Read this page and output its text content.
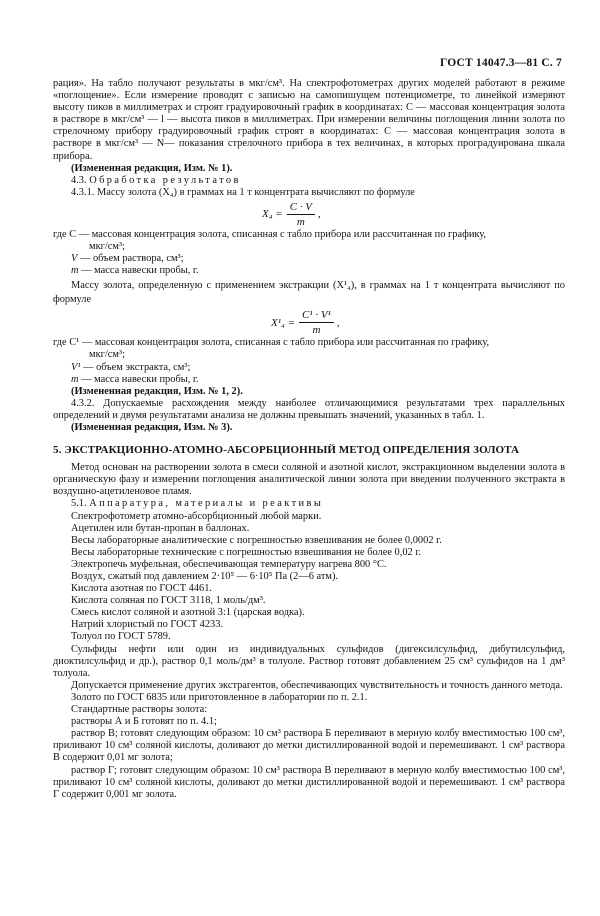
ГОСТ 14047.3—81 С. 7

рация». На табло получают результаты в мкг/см³. На спектрофотометрах других моделей работают в режиме «поглощение». Если измерение проводят с записью на самопишущем потенциометре, то линейкой измеряют высоту пиков в миллиметрах и строят градуировочный график в координатах: C — массовая концентрация золота в растворе в мкг/см³ — l — высота пиков в миллиметрах. При измерении величины поглощения линии золота по стрелочному прибору градуировочный график строят в координатах: C — массовая концентрация золота в растворе в мкг/см³ — N— показания стрелочного прибора в тех величинах, в которых проградуирована шкала прибора.

(Измененная редакция, Изм. № 1).

4.3. Обработка результатов

4.3.1. Массу золота (X₄) в граммах на 1 т концентрата вычисляют по формуле

$X_4 = \frac{C \cdot V}{m}$ ,

где C — массовая концентрация золота, списанная с табло прибора или рассчитанная по графику,

мкг/см³;

V — объем раствора, см³;

m — масса навески пробы, г.

Массу золота, определенную с применением экстракции (X¹₄), в граммах на 1 т концентрата вычисляют по формуле

$X^1_4 = \frac{\text{C¹ · V¹}}{m}$ ,

где C¹ — массовая концентрация золота, списанная с табло прибора или рассчитанная по графику,

мкг/см³;

V¹ — объем экстракта, см³;

m — масса навески пробы, г.

(Измененная редакция, Изм. № 1, 2).

4.3.2. Допускаемые расхождения между наиболее отличающимися результатами трех параллельных определений и двумя результатами анализа не должны превышать значений, указанных в табл. 1.

(Измененная редакция, Изм. № 3).

5. ЭКСТРАКЦИОННО-АТОМНО-АБСОРБЦИОННЫЙ МЕТОД ОПРЕДЕЛЕНИЯ ЗОЛОТА

Метод основан на растворении золота в смеси соляной и азотной кислот, экстракционном выделении золота в органическую фазу и измерении поглощения аналитической линии золота при введении полученного экстракта в воздушно-ацетиленовое пламя.

5.1. Аппаратура, материалы и реактивы

Спектрофотометр атомно-абсорбционный любой марки.

Ацетилен или бутан-пропан в баллонах.

Весы лабораторные аналитические с погрешностью взвешивания не более 0,0002 г.

Весы лабораторные технические с погрешностью взвешивания не более 0,02 г.

Электропечь муфельная, обеспечивающая температуру нагрева 800 °С.

Воздух, сжатый под давлением 2·10⁵ — 6·10⁵ Па (2—6 атм).

Кислота азотная по ГОСТ 4461.

Кислота соляная по ГОСТ 3118, 1 моль/дм³.

Смесь кислот соляной и азотной 3:1 (царская водка).

Натрий хлористый по ГОСТ 4233.

Толуол по ГОСТ 5789.

Сульфиды нефти или один из индивидуальных сульфидов (дигексилсульфид, дибутилсульфид, диоктилсульфид и др.), раствор 0,1 моль/дм³ в толуоле. Раствор готовят добавлением 25 см³ сульфидов на 1 дм³ толуола.

Допускается применение других экстрагентов, обеспечивающих чувствительность и точность данного метода.

Золото по ГОСТ 6835 или приготовленное в лаборатории по п. 2.1.

Стандартные растворы золота:

растворы А и Б готовят по п. 4.1;

раствор В; готовят следующим образом: 10 см³ раствора Б переливают в мерную колбу вместимостью 100 см³, приливают 10 см³ соляной кислоты, доливают до метки дистиллированной водой и перемешивают. 1 см³ раствора В содержит 0,01 мг золота;

раствор Г; готовят следующим образом: 10 см³ раствора В переливают в мерную колбу вместимостью 100 см³, приливают 10 см³ соляной кислоты, доливают до метки дистиллированной водой и перемешивают. 1 см³ раствора Г содержит 0,001 мг золота.
